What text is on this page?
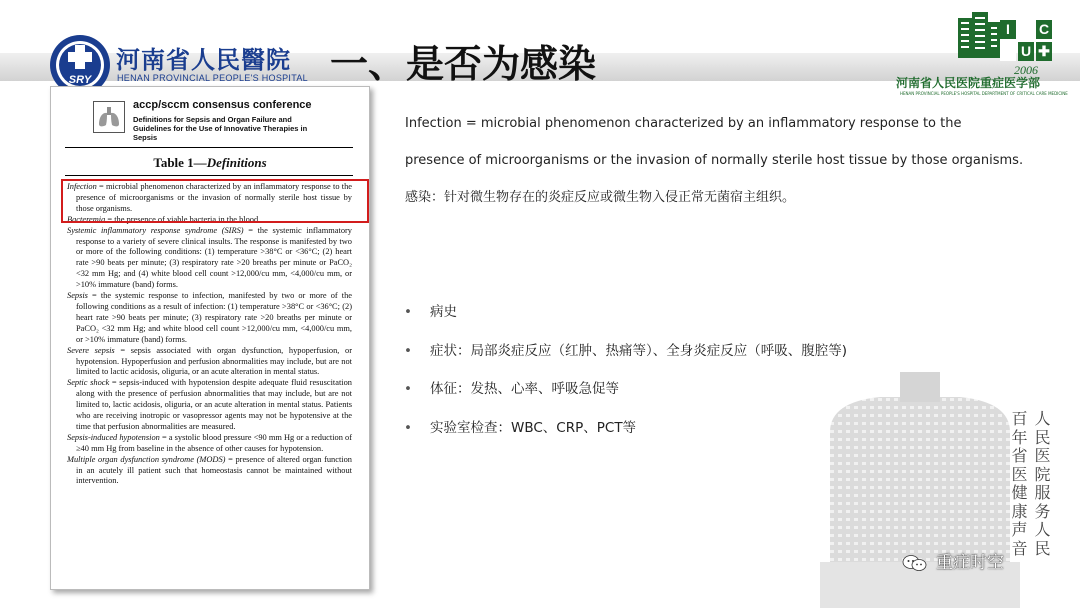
SRY
河南省人民醫院
HENAN PROVINCIAL PEOPLE'S HOSPITAL 一、是否为感染
I	C
U ✚
2006
河南省人民医院重症医学部
HENAN PROVINCIAL PEOPLE'S HOSPITAL DEPARTMENT OF CRITICAL CARE MEDICINE
accp/sccm consensus conference
Definitions for Sepsis and Organ Failure and Guidelines for the Use of Innovative Therapies in Sepsis
Table 1—Definitions

Infection = microbial phenomenon characterized by an inflammatory response to the presence of microorganisms or the invasion of normally sterile host tissue by those organisms.

Bacteremia = the presence of viable bacteria in the blood.

Systemic inflammatory response syndrome (SIRS) = the systemic inflammatory response to a variety of severe clinical insults. The response is manifested by two or more of the following conditions: (1) temperature >38°C or <36°C; (2) heart rate >90 beats per minute; (3) respiratory rate >20 breaths per minute or PaCO₂ <32 mm Hg; and (4) white blood cell count >12,000/cu mm, <4,000/cu mm, or >10% immature (band) forms.

Sepsis = the systemic response to infection, manifested by two or more of the following conditions as a result of infection: (1) temperature >38°C or <36°C; (2) heart rate >90 beats per minute; (3) respiratory rate >20 breaths per minute or PaCO₂ <32 mm Hg; and white blood cell count >12,000/cu mm, <4,000/cu mm, or >10% immature (band) forms.

Severe sepsis = sepsis associated with organ dysfunction, hypoperfusion, or hypotension. Hypoperfusion and perfusion abnormalities may include, but are not limited to lactic acidosis, oliguria, or an acute alteration in mental status.

Septic shock = sepsis-induced with hypotension despite adequate fluid resuscitation along with the presence of perfusion abnormalities that may include, but are not limited to, lactic acidosis, oliguria, or an acute alteration in mental status. Patients who are receiving inotropic or vasopressor agents may not be hypotensive at the time that perfusion abnormalities are measured.

Sepsis-induced hypotension = a systolic blood pressure <90 mm Hg or a reduction of ≥40 mm Hg from baseline in the absence of other causes for hypotension.

Multiple organ dysfunction syndrome (MODS) = presence of altered organ function in an acutely ill patient such that homeostasis cannot be maintained without intervention.

Infection = microbial phenomenon characterized by an inflammatory response to the

presence of microorganisms or the invasion of normally sterile host tissue by those organisms.

感染：针对微生物存在的炎症反应或微生物入侵正常无菌宿主组织。

• 病史
• 症状：局部炎症反应（红肿、热痛等）、全身炎症反应（呼吸、腹腔等)
• 体征：发热、心率、呼吸急促等
• 实验室检查：WBC、CRP、PCT等	人民医院服务人民
百年省医健康声音
重症时空
